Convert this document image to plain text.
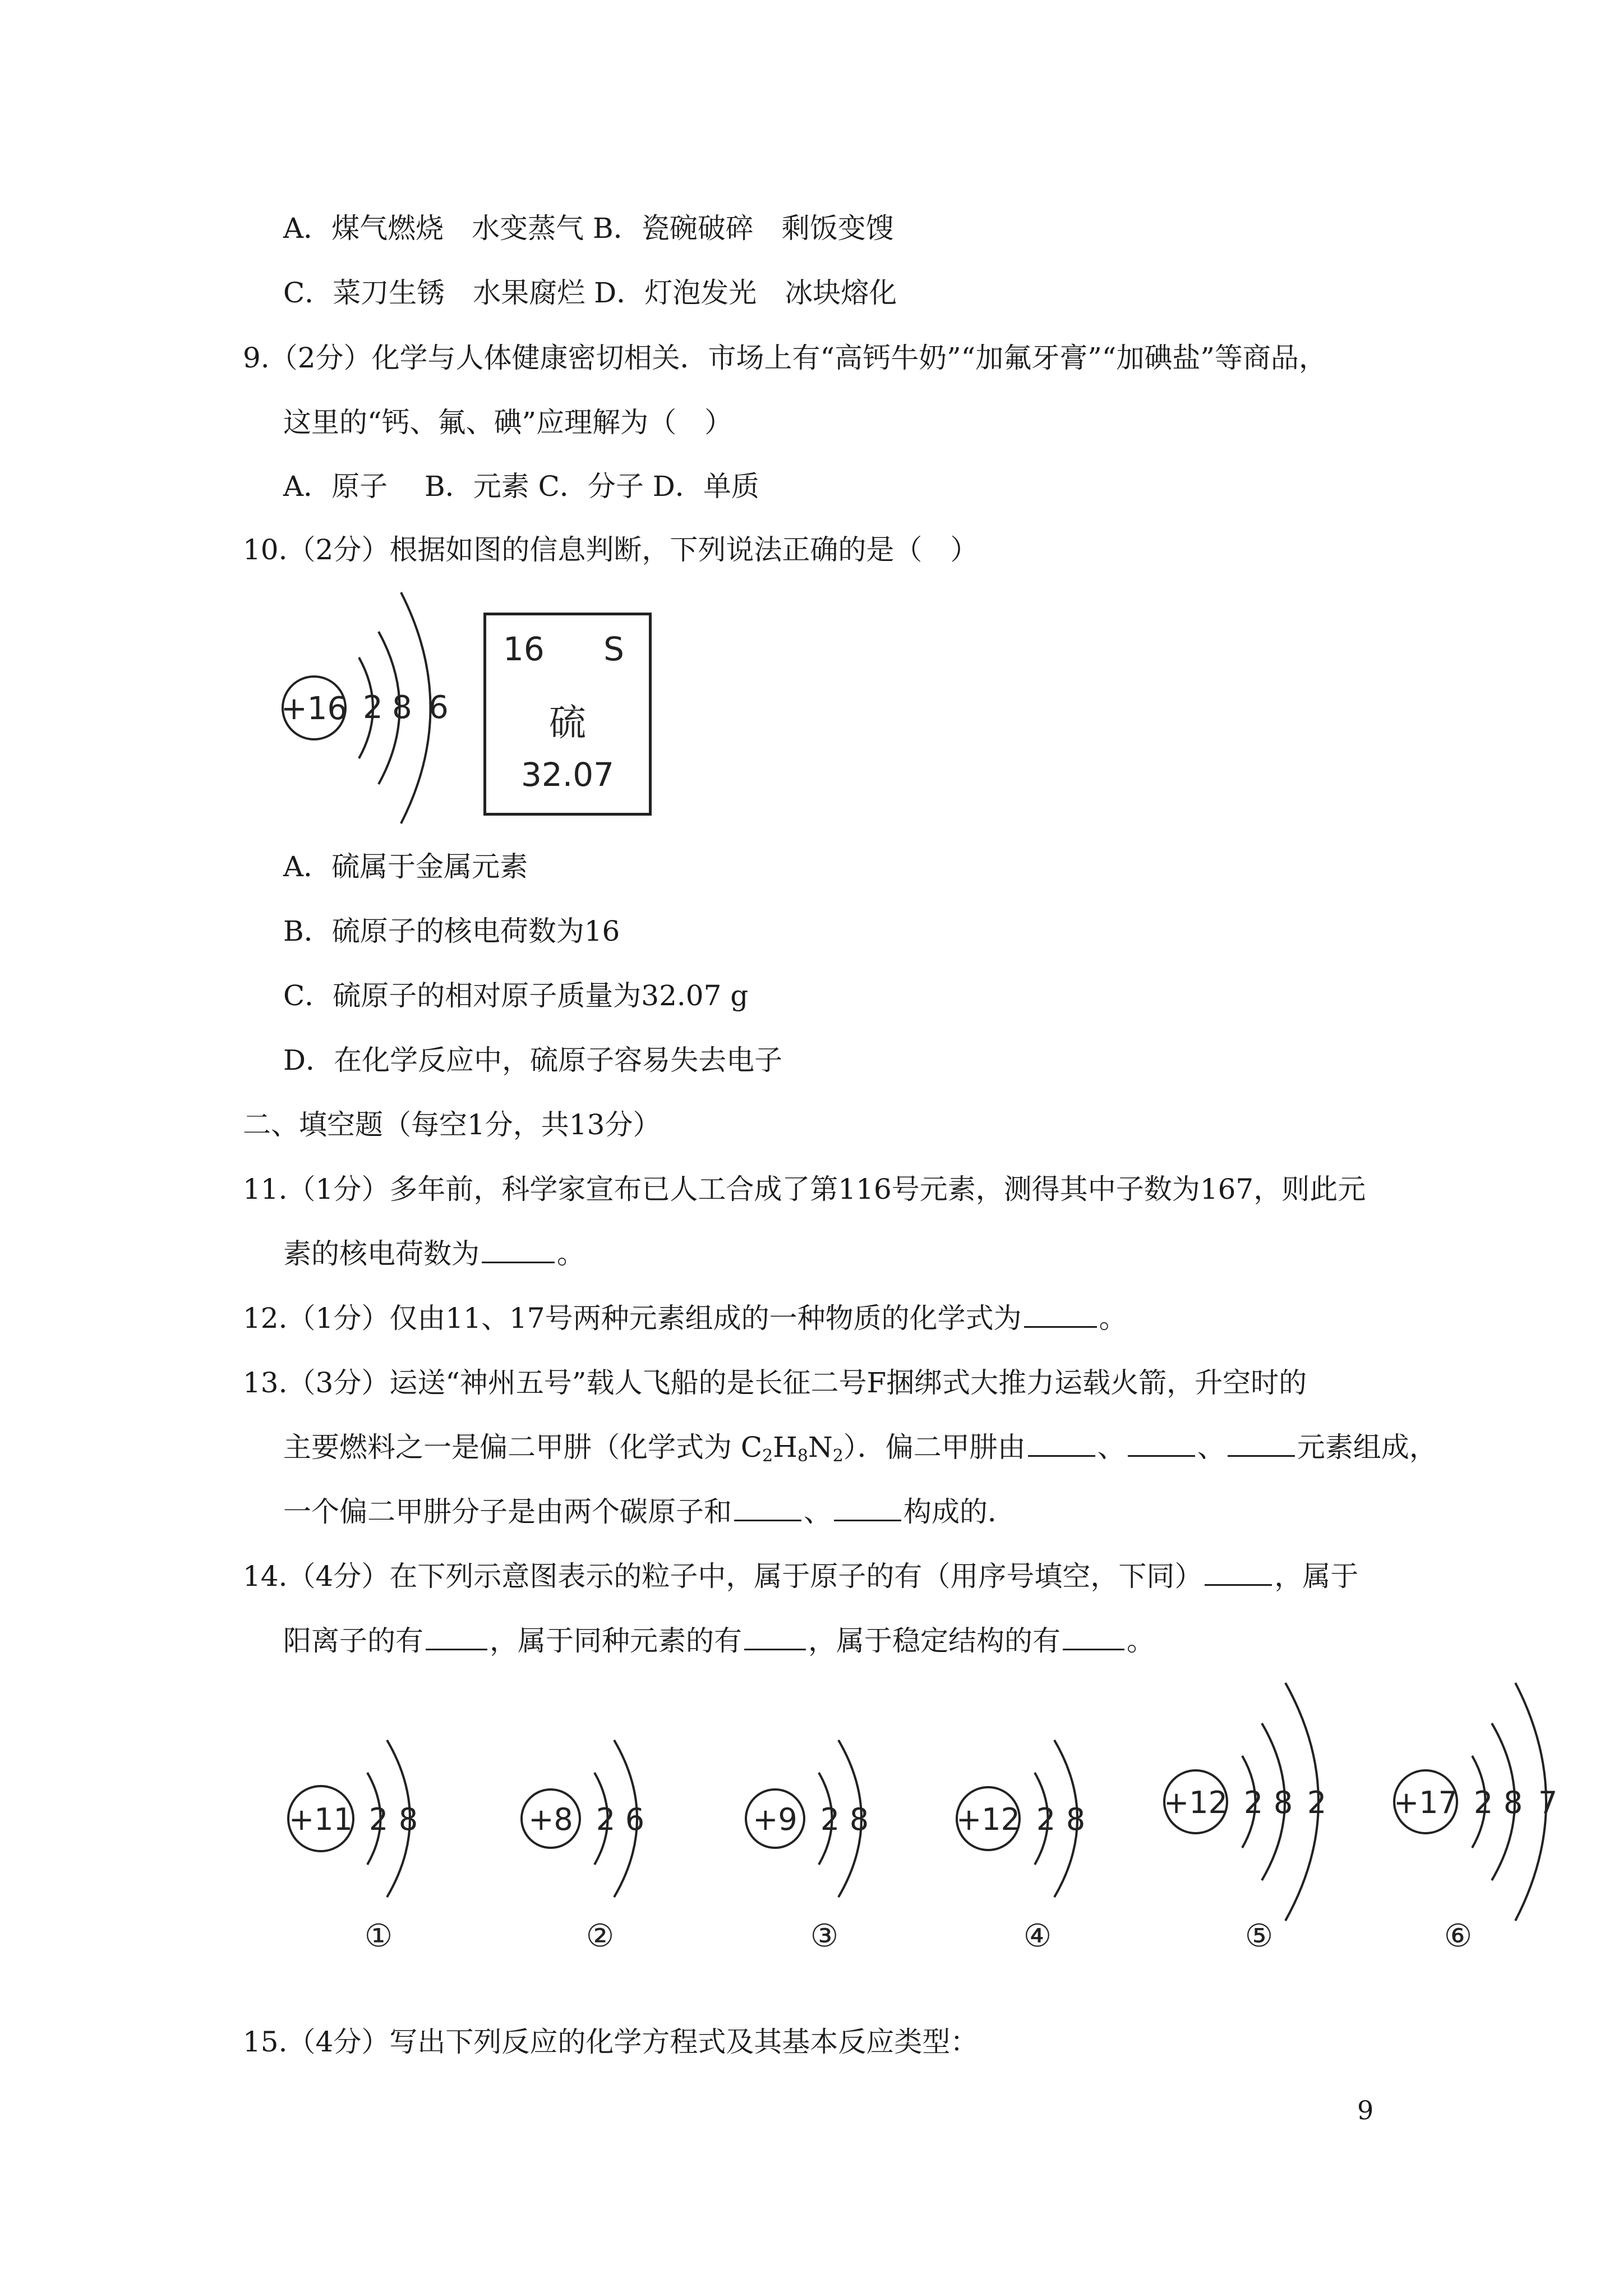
A．煤气燃烧　水变蒸气 B．瓷碗破碎　剩饭变馊
C．菜刀生锈　水果腐烂 D．灯泡发光　冰块熔化
9.（2分）化学与人体健康密切相关．市场上有“高钙牛奶”“加氟牙膏”“加碘盐”等商品，
这里的“钙、氟、碘”应理解为（　）
A．原子　 B．元素 C．分子 D．单质
10.（2分）根据如图的信息判断，下列说法正确的是（　）
+16 2 8 6
16 S
硫
32.07
A．硫属于金属元素
B．硫原子的核电荷数为16
C．硫原子的相对原子质量为32.07 g
D．在化学反应中，硫原子容易失去电子
二、填空题（每空1分，共13分）
11.（1分）多年前，科学家宣布已人工合成了第116号元素，测得其中子数为167，则此元
素的核电荷数为	。
12.（1分）仅由11、17号两种元素组成的一种物质的化学式为	。
13.（3分）运送“神州五号”载人飞船的是长征二号F捆绑式大推力运载火箭，升空时的
主要燃料之一是偏二甲肼（化学式为 $C_2H_8N_2$）．偏二甲肼由	、	、	元素组成，
一个偏二甲肼分子是由两个碳原子和	、	构成的．
14.（4分）在下列示意图表示的粒子中，属于原子的有（用序号填空，下同）	，属于
阳离子的有 ，属于同种元素的有 ，属于稳定结构的有 。
+11 2 8
①
+8 2 6
②
+9 2 8
③
+12 2 8
④
+12 2 8 2
⑤
+17 2 8 7
⑥
15.（4分）写出下列反应的化学方程式及其基本反应类型：
9
